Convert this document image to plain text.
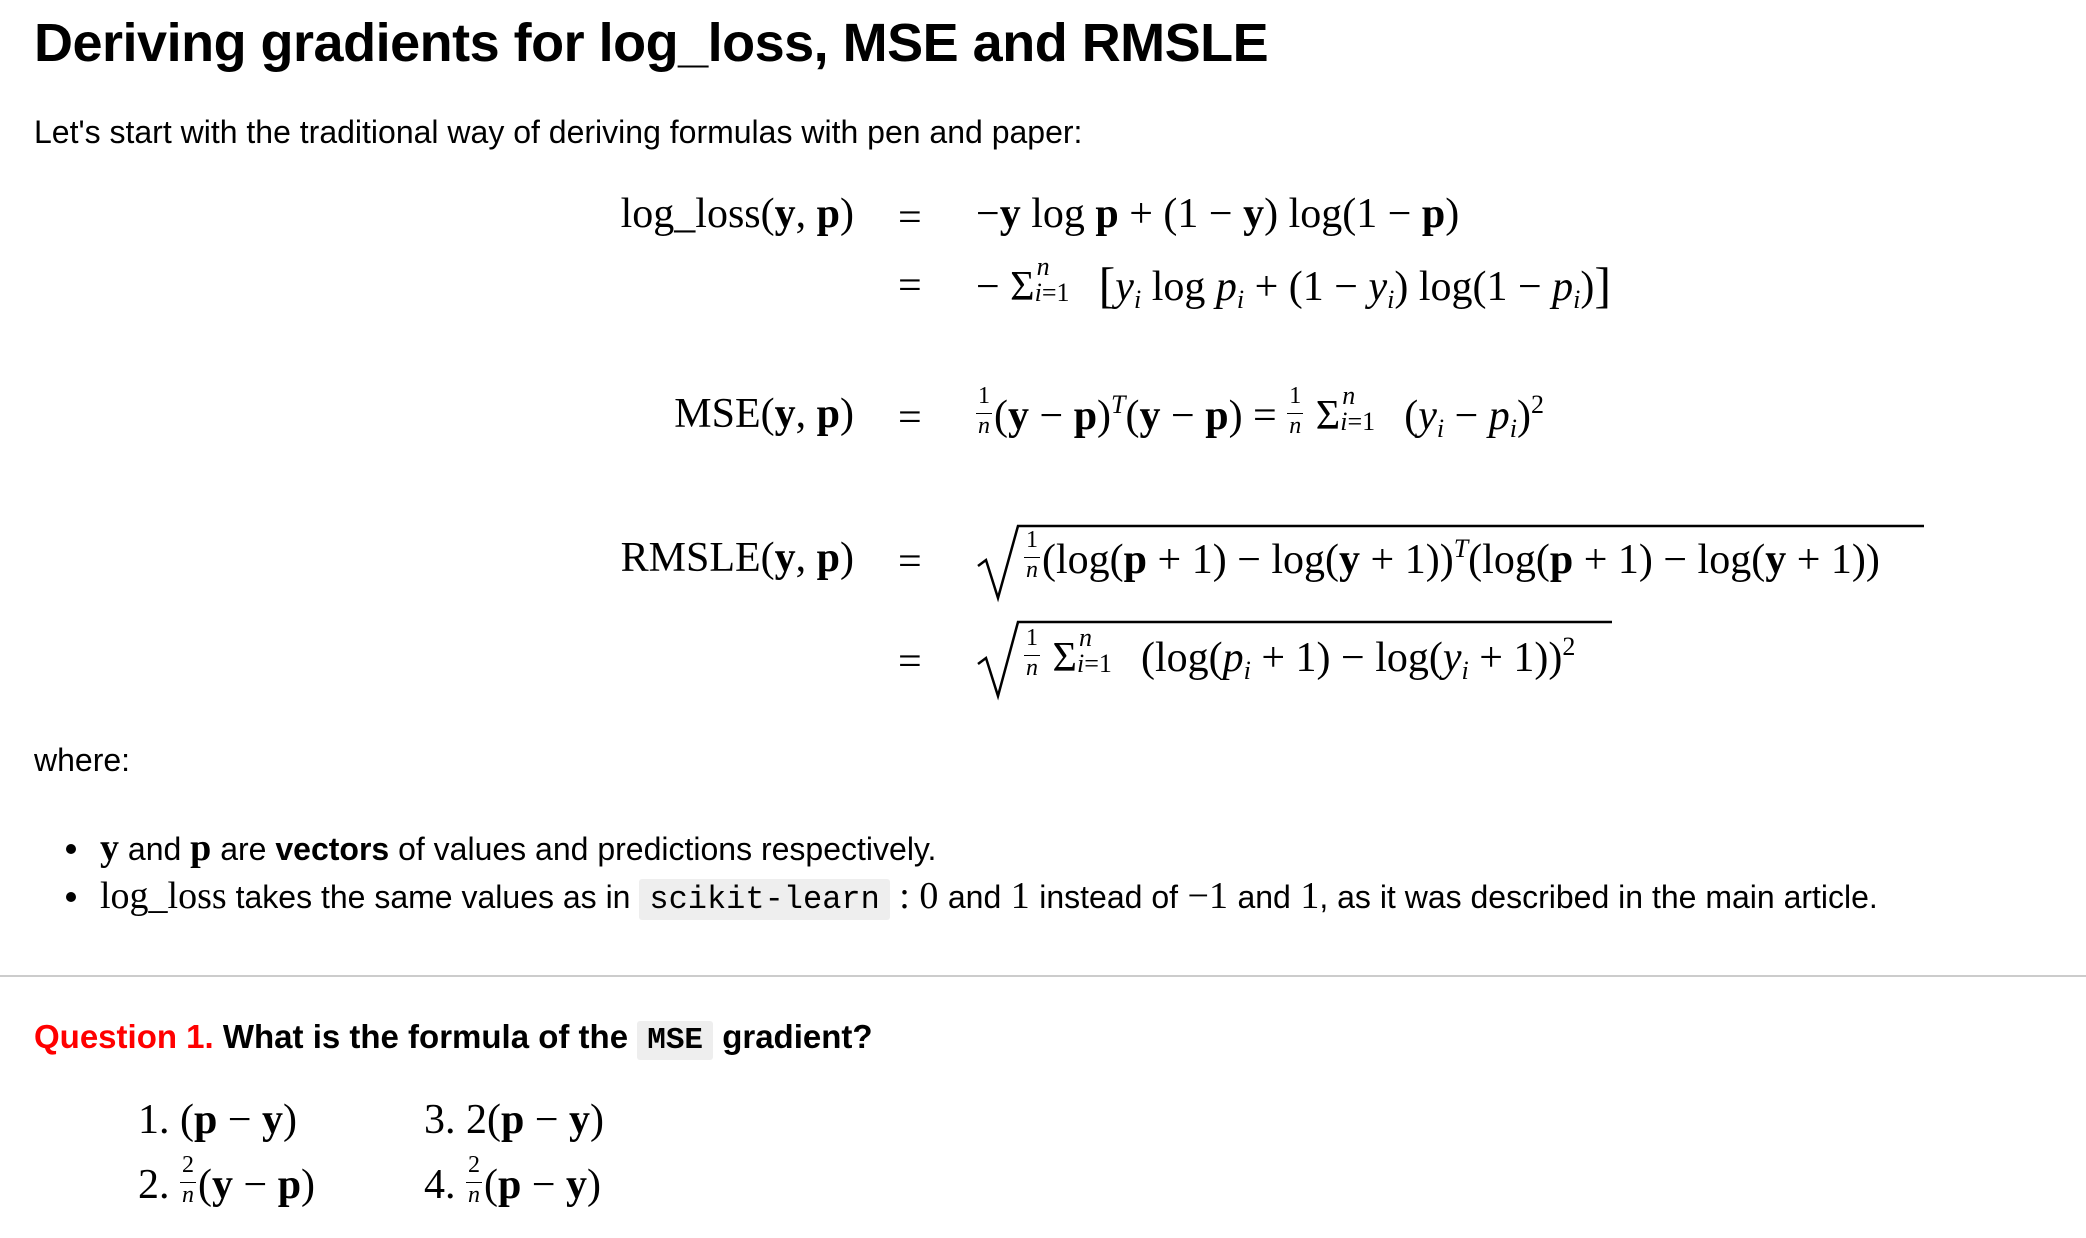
Deriving gradients for log_loss, MSE and RMSLE
Let's start with the traditional way of deriving formulas with pen and paper:
log_loss(y, p) = −y log p + (1 − y) log(1 − p)
= − Σ n
i=1 [$y_i$ $\log p_i + (1 - y_i) \log(1 - p_i)$]
MSE(y, $p) = \frac{1}{n} (y - p)^T(y - p) = \frac{1}{n}$ Σ n
i=1 $(y_i - p_i)^2$
RMSLE(y, p) =	$\frac{1}{n} (\log(p + 1) - \log(y + 1))^T(\log(p + 1) - \log(y + 1))$
=	$\frac{1}{n}$ Σ n
i=1 $(\log(p_i + 1) - \log(y_i + 1))^2$
where:
y and p are vectors of values and predictions respectively.
log_loss takes the same values as in scikit-learn : 0 and 1 instead of −1 and 1, as it was described in the main article.
Question 1. What is the formula of the MSE gradient?
1. (p − y)
2. $\frac{2}{n} (y - p)$
3. 2(p − y)
4. $\frac{2}{n} (p - y)$
